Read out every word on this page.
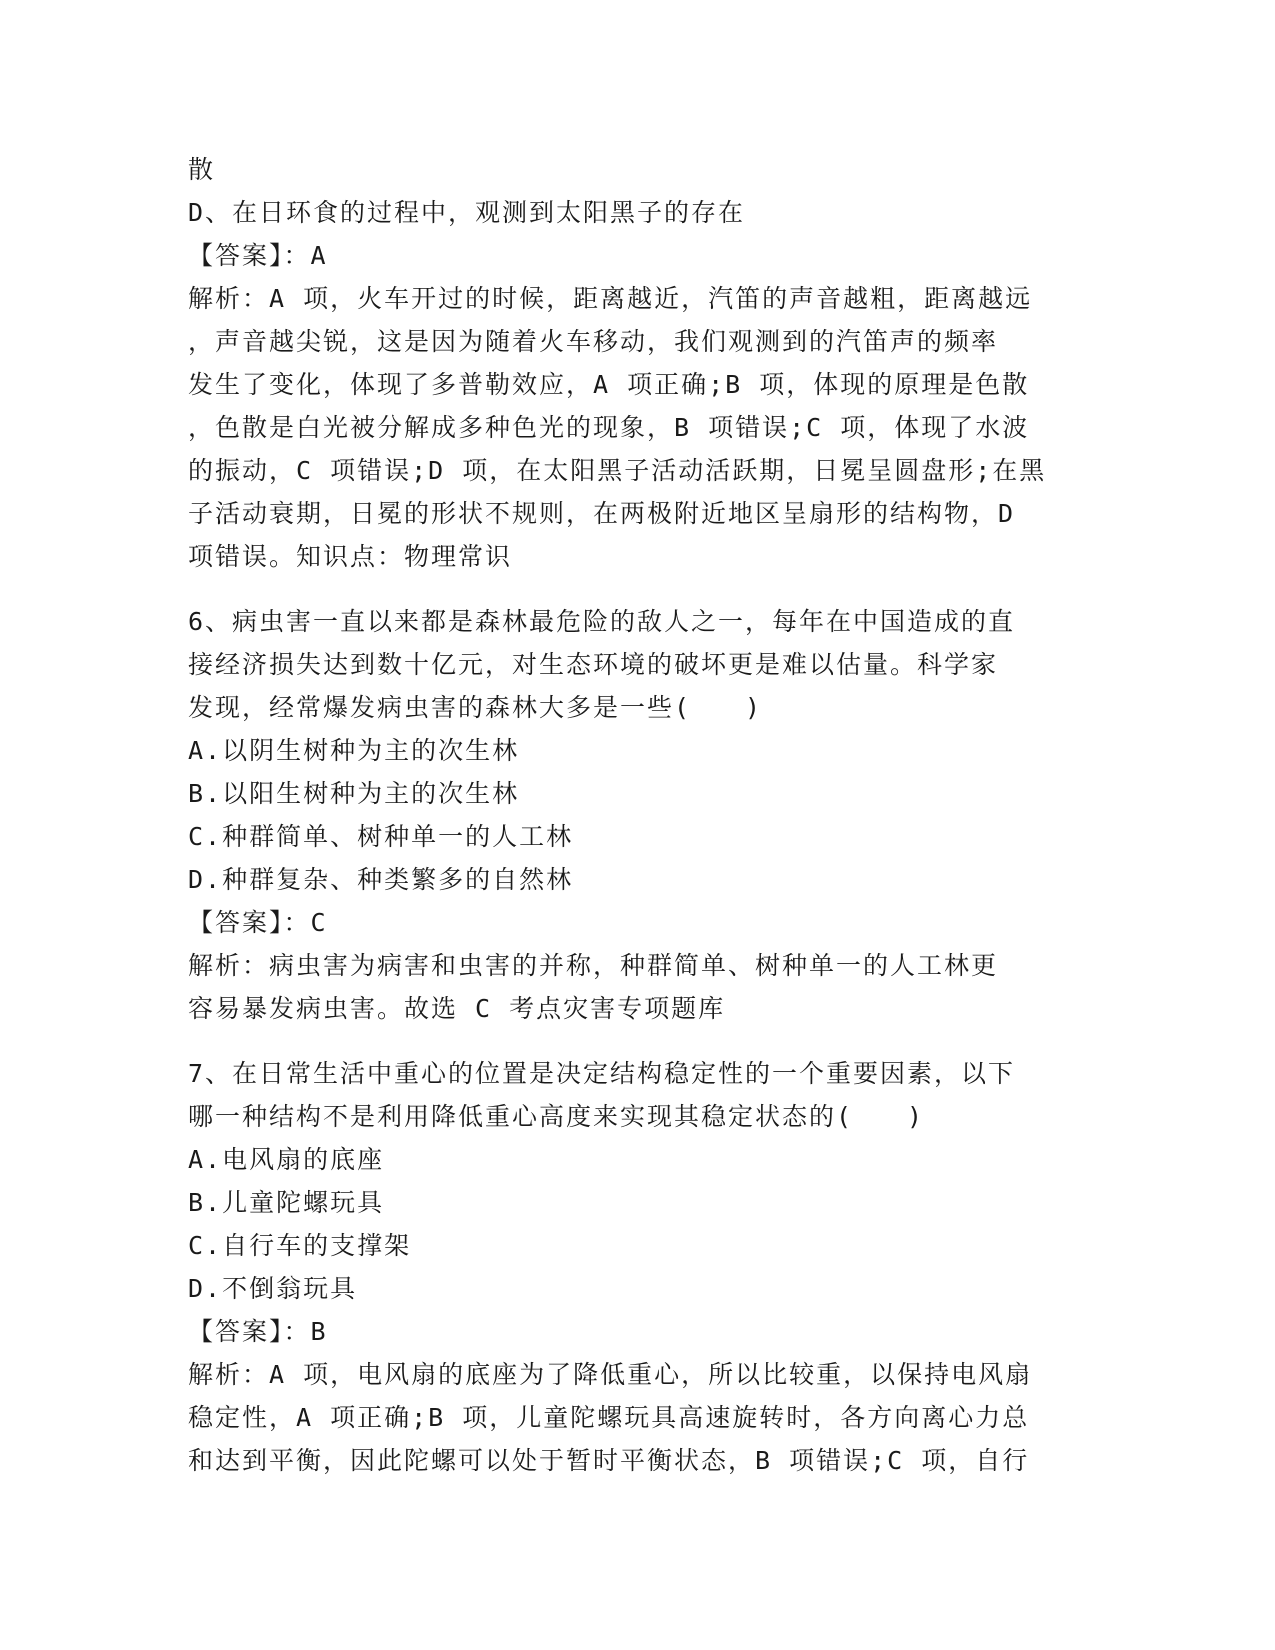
散
D、在日环食的过程中，观测到太阳黑子的存在
【答案】：A
解析：A 项，火车开过的时候，距离越近，汽笛的声音越粗，距离越远
，声音越尖锐，这是因为随着火车移动，我们观测到的汽笛声的频率
发生了变化，体现了多普勒效应，A 项正确;B 项，体现的原理是色散
，色散是白光被分解成多种色光的现象，B 项错误;C 项，体现了水波
的振动，C 项错误;D 项，在太阳黑子活动活跃期，日冕呈圆盘形;在黑
子活动衰期，日冕的形状不规则，在两极附近地区呈扇形的结构物，D
项错误。知识点：物理常识
6、病虫害一直以来都是森林最危险的敌人之一，每年在中国造成的直
接经济损失达到数十亿元，对生态环境的破坏更是难以估量。科学家
发现，经常爆发病虫害的森林大多是一些(　　)
A.以阴生树种为主的次生林
B.以阳生树种为主的次生林
C.种群简单、树种单一的人工林
D.种群复杂、种类繁多的自然林
【答案】：C
解析：病虫害为病害和虫害的并称，种群简单、树种单一的人工林更
容易暴发病虫害。故选 C 考点灾害专项题库
7、在日常生活中重心的位置是决定结构稳定性的一个重要因素，以下
哪一种结构不是利用降低重心高度来实现其稳定状态的(　　)
A.电风扇的底座
B.儿童陀螺玩具
C.自行车的支撑架
D.不倒翁玩具
【答案】：B
解析：A 项，电风扇的底座为了降低重心，所以比较重，以保持电风扇
稳定性，A 项正确;B 项，儿童陀螺玩具高速旋转时，各方向离心力总
和达到平衡，因此陀螺可以处于暂时平衡状态，B 项错误;C 项，自行
